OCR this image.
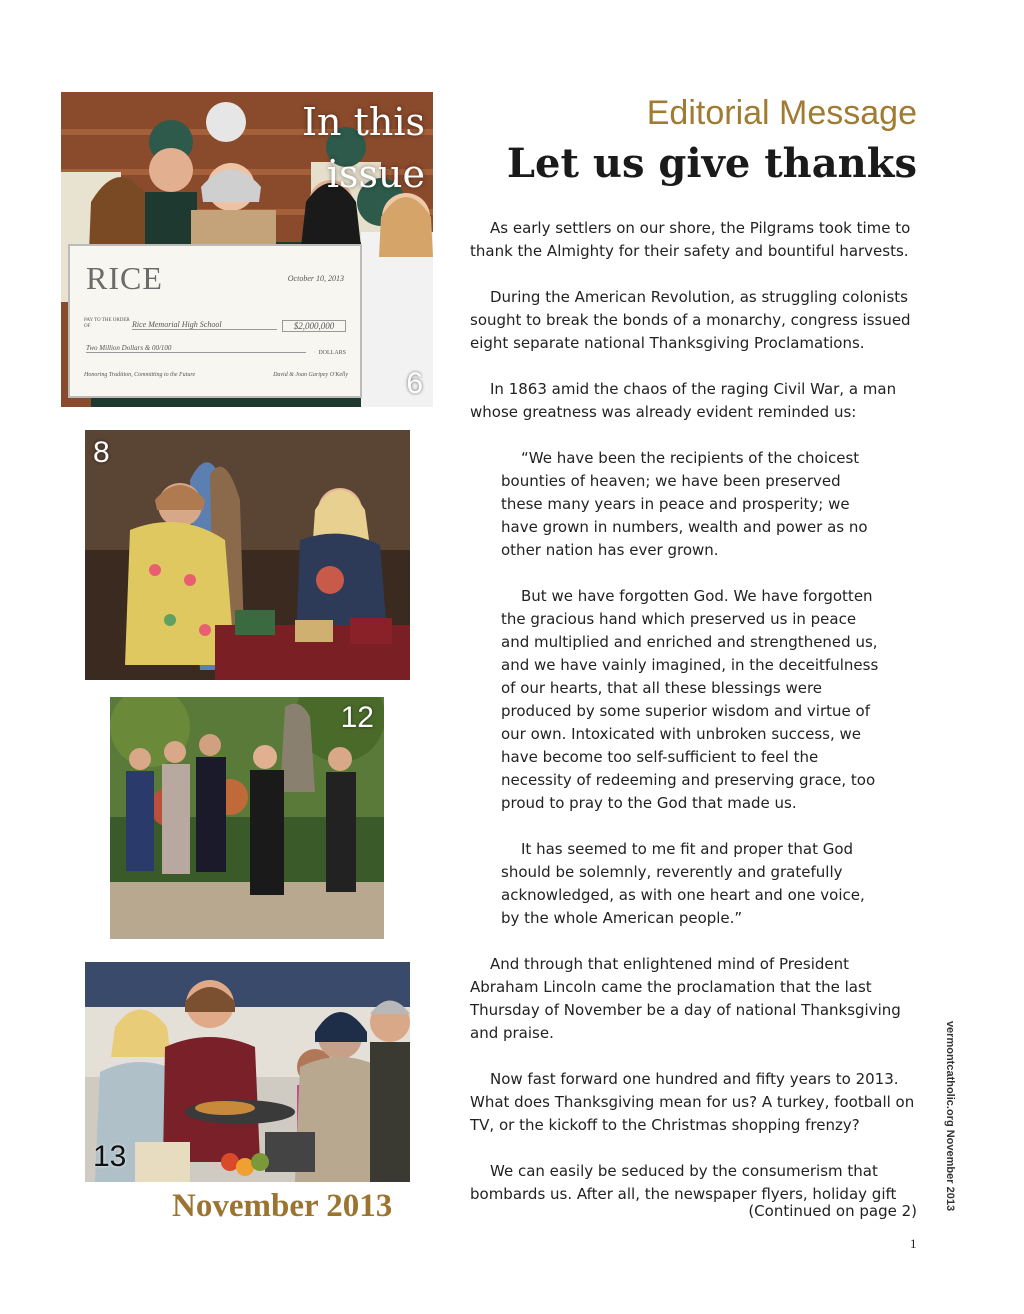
In this
issue
RICE	October 10, 2013
PAY TO THE ORDER OF	Rice Memorial High School	$2,000,000
Two Million Dollars & 00/100
DOLLARS
Honoring Tradition, Committing to the Future	David & Joan Garipey O'Kelly 6
8
12
13
November 2013
Editorial Message
Let us give thanks

As early settlers on our shore, the Pilgrams took time to thank the Almighty for their safety and bountiful harvests.

During the American Revolution, as struggling colonists sought to break the bonds of a monarchy, congress issued eight separate national Thanksgiving Proclamations.

In 1863 amid the chaos of the raging Civil War, a man whose greatness was already evident reminded us:

“We have been the recipients of the choicest bounties of heaven; we have been preserved these many years in peace and prosperity; we have grown in numbers, wealth and power as no other nation has ever grown.

But we have forgotten God. We have forgotten the gracious hand which preserved us in peace and multiplied and enriched and strengthened us, and we have vainly imagined, in the deceitfulness of our hearts, that all these blessings were produced by some superior wisdom and virtue of our own. Intoxicated with unbroken success, we have become too self-sufficient to feel the necessity of redeeming and preserving grace, too proud to pray to the God that made us.

It has seemed to me fit and proper that God should be solemnly, reverently and gratefully acknowledged, as with one heart and one voice, by the whole American people.”

And through that enlightened mind of President Abraham Lincoln came the proclamation that the last Thursday of November be a day of national Thanksgiving and praise.

Now fast forward one hundred and fifty years to 2013. What does Thanksgiving mean for us? A turkey, football on TV, or the kickoff to the Christmas shopping frenzy?

We can easily be seduced by the consumerism that bombards us. After all, the newspaper flyers, holiday gift

(Continued on page 2) vermontcatholic.org November 2013
1
